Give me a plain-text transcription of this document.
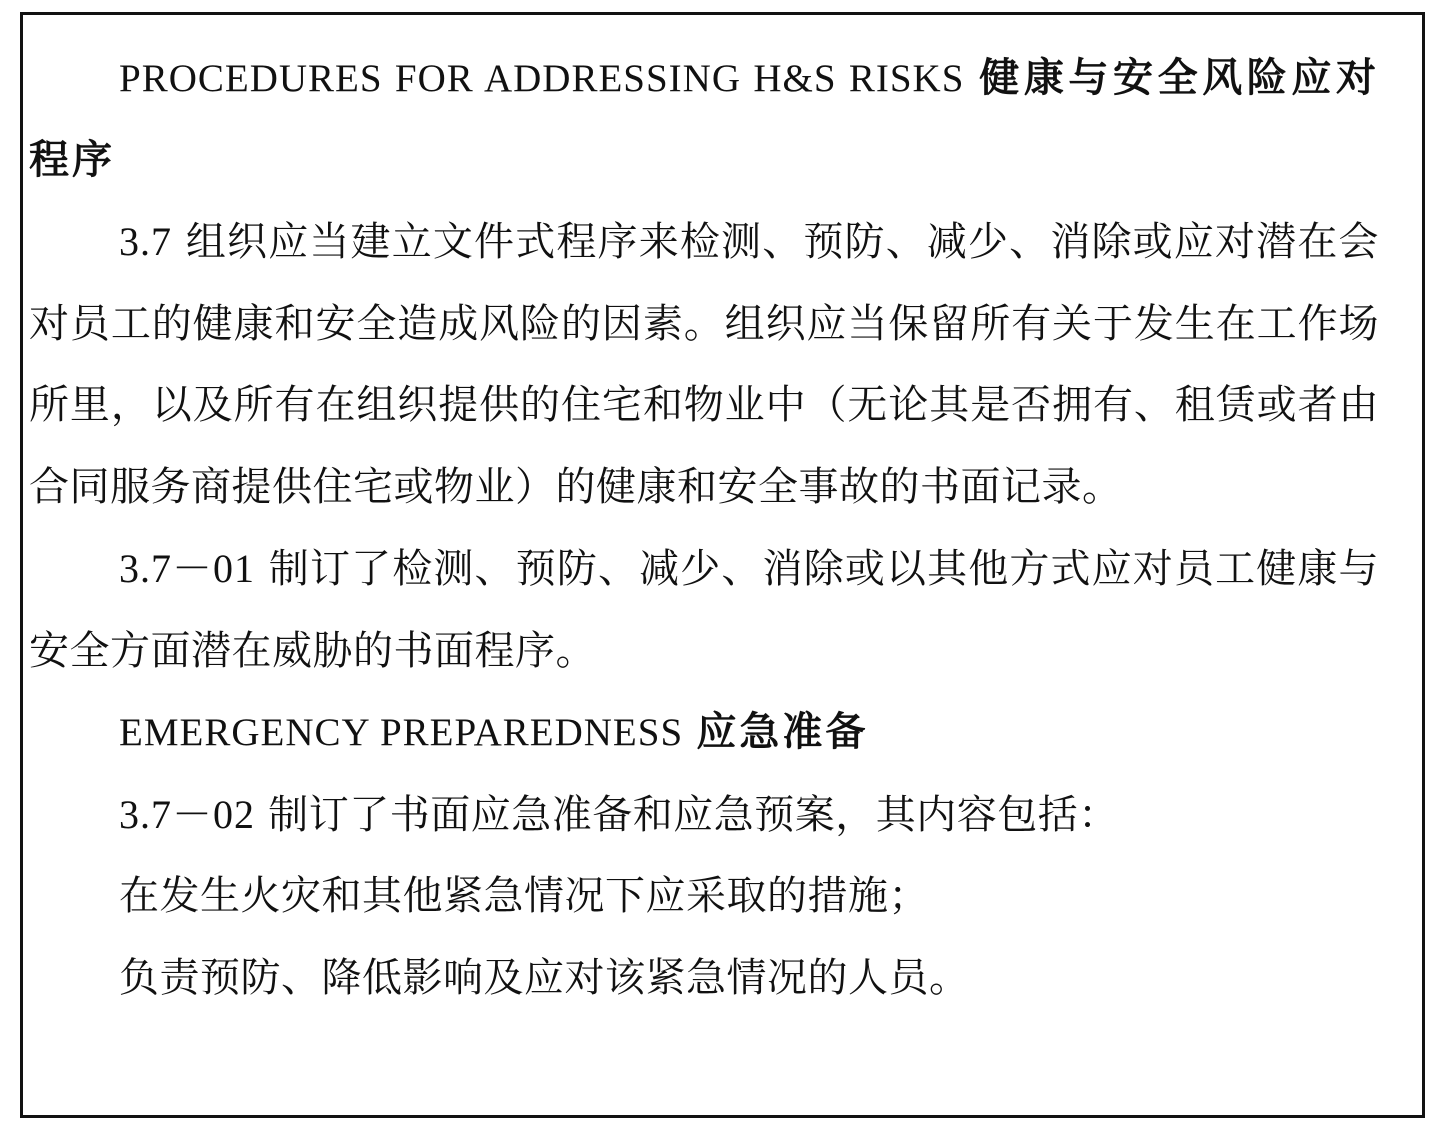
PROCEDURES FOR ADDRESSING H&S RISKS 健康与安全风险应对程序

3.7 组织应当建立文件式程序来检测、预防、减少、消除或应对潜在会对员工的健康和安全造成风险的因素。组织应当保留所有关于发生在工作场所里，以及所有在组织提供的住宅和物业中（无论其是否拥有、租赁或者由合同服务商提供住宅或物业）的健康和安全事故的书面记录。

3.7－01 制订了检测、预防、减少、消除或以其他方式应对员工健康与安全方面潜在威胁的书面程序。

EMERGENCY PREPAREDNESS 应急准备

3.7－02 制订了书面应急准备和应急预案，其内容包括：

在发生火灾和其他紧急情况下应采取的措施；

负责预防、降低影响及应对该紧急情况的人员。
